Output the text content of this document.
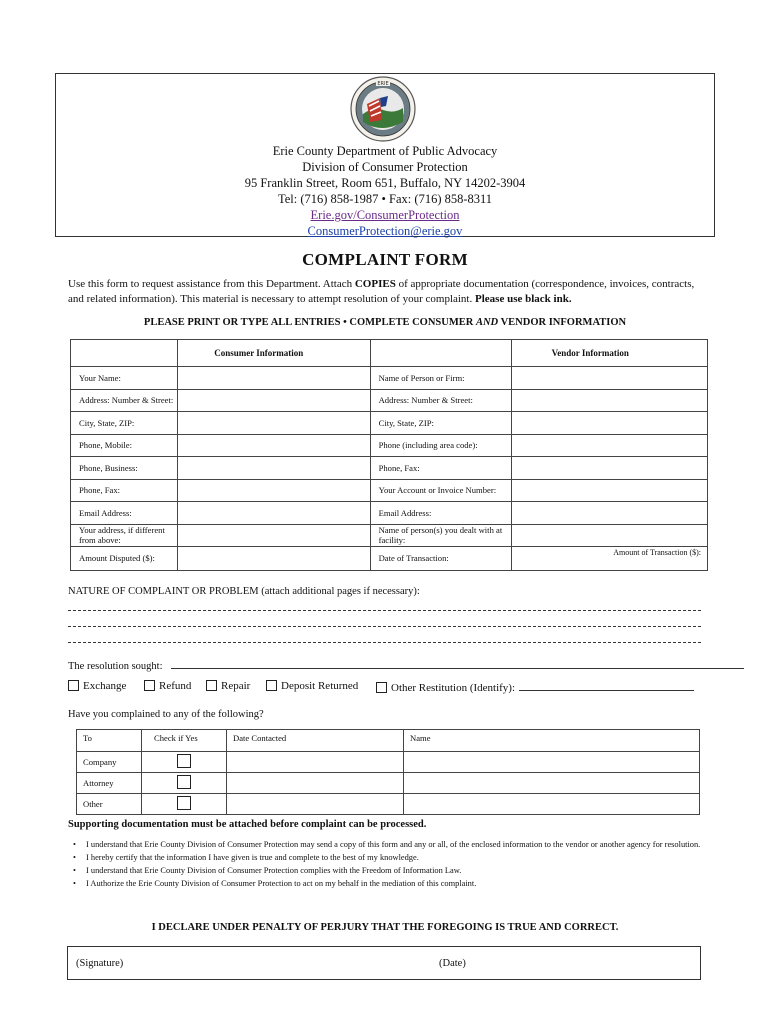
ERIE
Erie County Department of Public Advocacy
Division of Consumer Protection
95 Franklin Street, Room 651, Buffalo, NY 14202-3904
Tel: (716) 858-1987 • Fax: (716) 858-8311
Erie.gov/ConsumerProtection
ConsumerProtection@erie.gov
COMPLAINT FORM
Use this form to request assistance from this Department. Attach COPIES of appropriate documentation (correspondence, invoices, contracts, and related information). This material is necessary to attempt resolution of your complaint. Please use black ink.
PLEASE PRINT OR TYPE ALL ENTRIES • COMPLETE CONSUMER AND VENDOR INFORMATION
	Consumer Information		Vendor Information
Your Name:		Name of Person or Firm:	
Address: Number & Street:		Address: Number & Street:	
City, State, ZIP:		City, State, ZIP:	
Phone, Mobile:		Phone (including area code):	
Phone, Business:		Phone, Fax:	
Phone, Fax:		Your Account or Invoice Number:	
Email Address:		Email Address:	
Your address, if different from above:		Name of person(s) you dealt with at facility:	
Amount Disputed ($):		Date of Transaction:	Amount of Transaction ($):
NATURE OF COMPLAINT OR PROBLEM (attach additional pages if necessary):
The resolution sought:
Exchange	Refund	Repair	Deposit Returned	Other Restitution (Identify):
Have you complained to any of the following?
To	Check if Yes	Date Contacted	Name
Company			
Attorney			
Other			
Supporting documentation must be attached before complaint can be processed.
• I understand that Erie County Division of Consumer Protection may send a copy of this form and any or all, of the enclosed information to the vendor or another agency for resolution.
• I hereby certify that the information I have given is true and complete to the best of my knowledge.
• I understand that Erie County Division of Consumer Protection complies with the Freedom of Information Law.
• I Authorize the Erie County Division of Consumer Protection to act on my behalf in the mediation of this complaint.
I DECLARE UNDER PENALTY OF PERJURY THAT THE FOREGOING IS TRUE AND CORRECT.
(Signature)	(Date)
